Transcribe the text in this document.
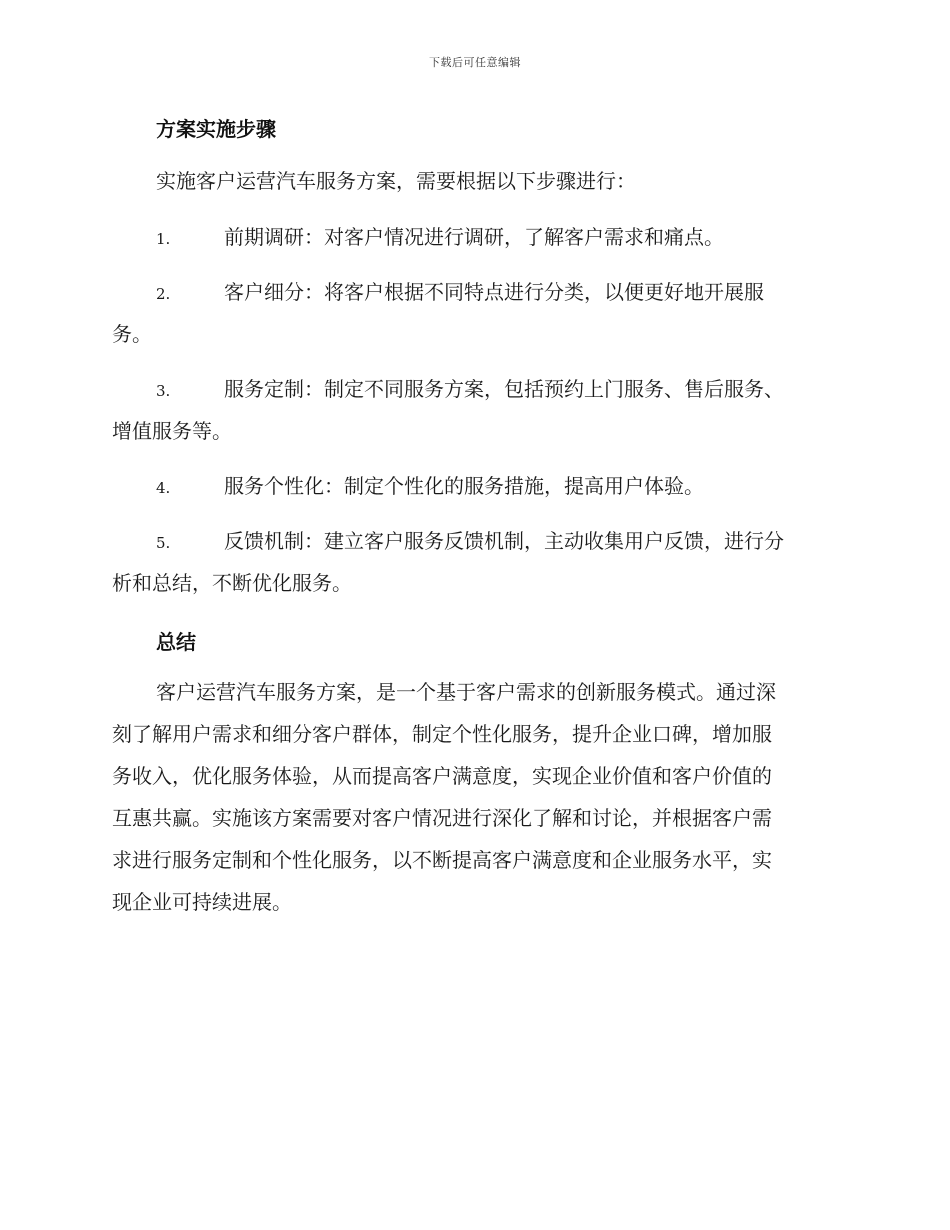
下载后可任意编辑
方案实施步骤
实施客户运营汽车服务方案，需要根据以下步骤进行：
1.	前期调研：对客户情况进行调研，了解客户需求和痛点。
2.	客户细分：将客户根据不同特点进行分类，以便更好地开展服
务。
3.	服务定制：制定不同服务方案，包括预约上门服务、售后服务、
增值服务等。
4.	服务个性化：制定个性化的服务措施，提高用户体验。
5.	反馈机制：建立客户服务反馈机制，主动收集用户反馈，进行分
析和总结，不断优化服务。
总结
客户运营汽车服务方案，是一个基于客户需求的创新服务模式。通过深
刻了解用户需求和细分客户群体，制定个性化服务，提升企业口碑，增加服
务收入，优化服务体验，从而提高客户满意度，实现企业价值和客户价值的
互惠共赢。实施该方案需要对客户情况进行深化了解和讨论，并根据客户需
求进行服务定制和个性化服务，以不断提高客户满意度和企业服务水平，实
现企业可持续进展。
